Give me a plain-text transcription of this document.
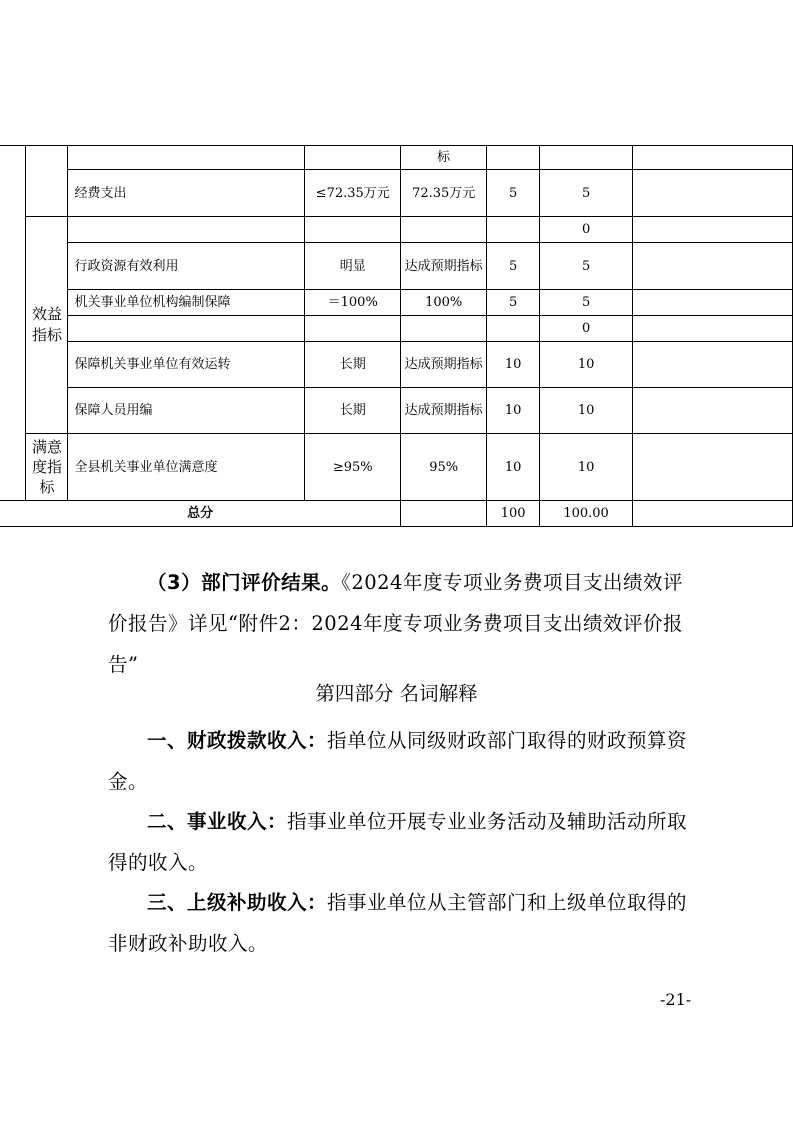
				标			
		经费支出	≤72.35万元	72.35万元	5	5	
	效益指标					0	
		行政资源有效利用	明显	达成预期指标	5	5	
		机关事业单位机构编制保障	＝100%	100%	5	5	
						0	
		保障机关事业单位有效运转	长期	达成预期指标	10	10	
		保障人员用编	长期	达成预期指标	10	10	
	满意度指标	全县机关事业单位满意度	≥95%	95%	10	10	
总分					100	100.00	

（3）部门评价结果。《2024年度专项业务费项目支出绩效评价报告》详见“附件2：2024年度专项业务费项目支出绩效评价报告”

第四部分 名词解释

一、财政拨款收入：指单位从同级财政部门取得的财政预算资金。

二、事业收入：指事业单位开展专业业务活动及辅助活动所取得的收入。

三、上级补助收入：指事业单位从主管部门和上级单位取得的非财政补助收入。

-21-
